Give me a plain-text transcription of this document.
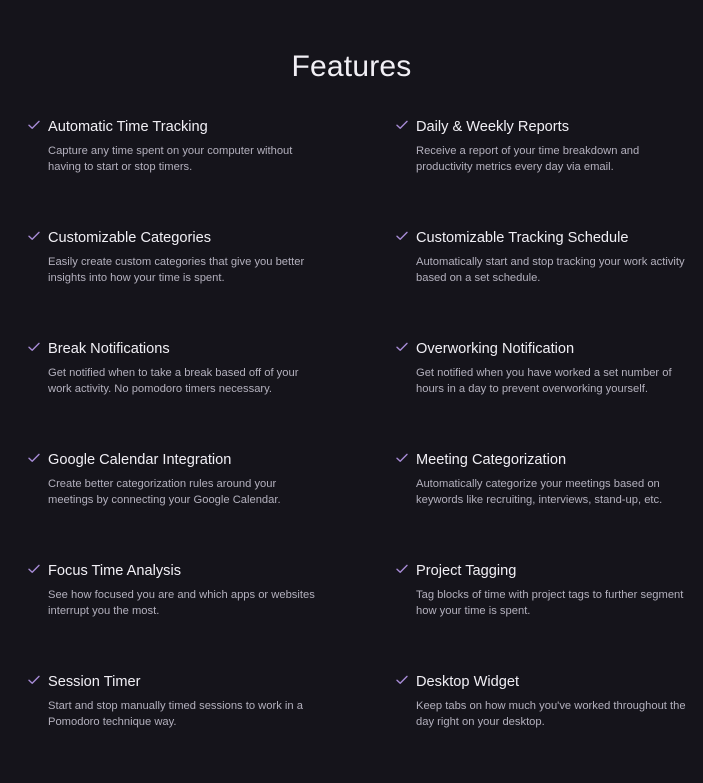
Features
Automatic Time Tracking
Capture any time spent on your computer without having to start or stop timers.
Daily & Weekly Reports
Receive a report of your time breakdown and productivity metrics every day via email.
Customizable Categories
Easily create custom categories that give you better insights into how your time is spent.
Customizable Tracking Schedule
Automatically start and stop tracking your work activity based on a set schedule.
Break Notifications
Get notified when to take a break based off of your work activity. No pomodoro timers necessary.
Overworking Notification
Get notified when you have worked a set number of hours in a day to prevent overworking yourself.
Google Calendar Integration
Create better categorization rules around your meetings by connecting your Google Calendar.
Meeting Categorization
Automatically categorize your meetings based on keywords like recruiting, interviews, stand-up, etc.
Focus Time Analysis
See how focused you are and which apps or websites interrupt you the most.
Project Tagging
Tag blocks of time with project tags to further segment how your time is spent.
Session Timer
Start and stop manually timed sessions to work in a Pomodoro technique way.
Desktop Widget
Keep tabs on how much you've worked throughout the day right on your desktop.
